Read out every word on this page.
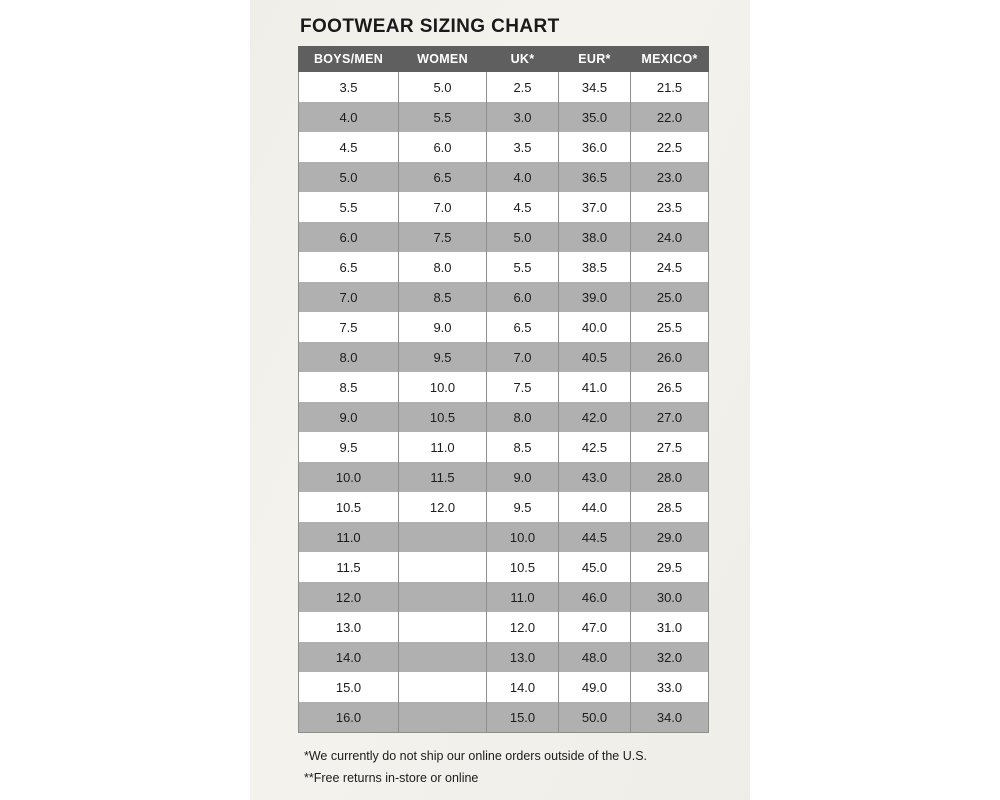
FOOTWEAR SIZING CHART
BOYS/MEN	WOMEN	UK*	EUR*	MEXICO*
3.5	5.0	2.5	34.5	21.5
4.0	5.5	3.0	35.0	22.0
4.5	6.0	3.5	36.0	22.5
5.0	6.5	4.0	36.5	23.0
5.5	7.0	4.5	37.0	23.5
6.0	7.5	5.0	38.0	24.0
6.5	8.0	5.5	38.5	24.5
7.0	8.5	6.0	39.0	25.0
7.5	9.0	6.5	40.0	25.5
8.0	9.5	7.0	40.5	26.0
8.5	10.0	7.5	41.0	26.5
9.0	10.5	8.0	42.0	27.0
9.5	11.0	8.5	42.5	27.5
10.0	11.5	9.0	43.0	28.0
10.5	12.0	9.5	44.0	28.5
11.0		10.0	44.5	29.0
11.5		10.5	45.0	29.5
12.0		11.0	46.0	30.0
13.0		12.0	47.0	31.0
14.0		13.0	48.0	32.0
15.0		14.0	49.0	33.0
16.0		15.0	50.0	34.0
*We currently do not ship our online orders outside of the U.S.
**Free returns in-store or online
